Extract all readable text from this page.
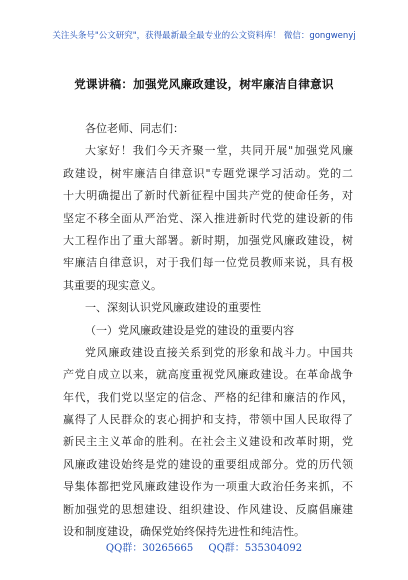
关注头条号"公文研究"，获得最新最全最专业的公文资料库！ 微信：gongwenyj
党课讲稿：加强党风廉政建设，树牢廉洁自律意识
各位老师、同志们：
大家好！我们今天齐聚一堂，共同开展"加强党风廉
政建设，树牢廉洁自律意识"专题党课学习活动。党的二
十大明确提出了新时代新征程中国共产党的使命任务，对
坚定不移全面从严治党、深入推进新时代党的建设新的伟
大工程作出了重大部署。新时期，加强党风廉政建设，树
牢廉洁自律意识，对于我们每一位党员教师来说，具有极
其重要的现实意义。
一、深刻认识党风廉政建设的重要性
（一）党风廉政建设是党的建设的重要内容
党风廉政建设直接关系到党的形象和战斗力。中国共
产党自成立以来，就高度重视党风廉政建设。在革命战争
年代，我们党以坚定的信念、严格的纪律和廉洁的作风，
赢得了人民群众的衷心拥护和支持，带领中国人民取得了
新民主主义革命的胜利。在社会主义建设和改革时期，党
风廉政建设始终是党的建设的重要组成部分。党的历代领
导集体都把党风廉政建设作为一项重大政治任务来抓，不
断加强党的思想建设、组织建设、作风建设、反腐倡廉建
设和制度建设，确保党始终保持先进性和纯洁性。
QQ群：30265665 QQ群：535304092
